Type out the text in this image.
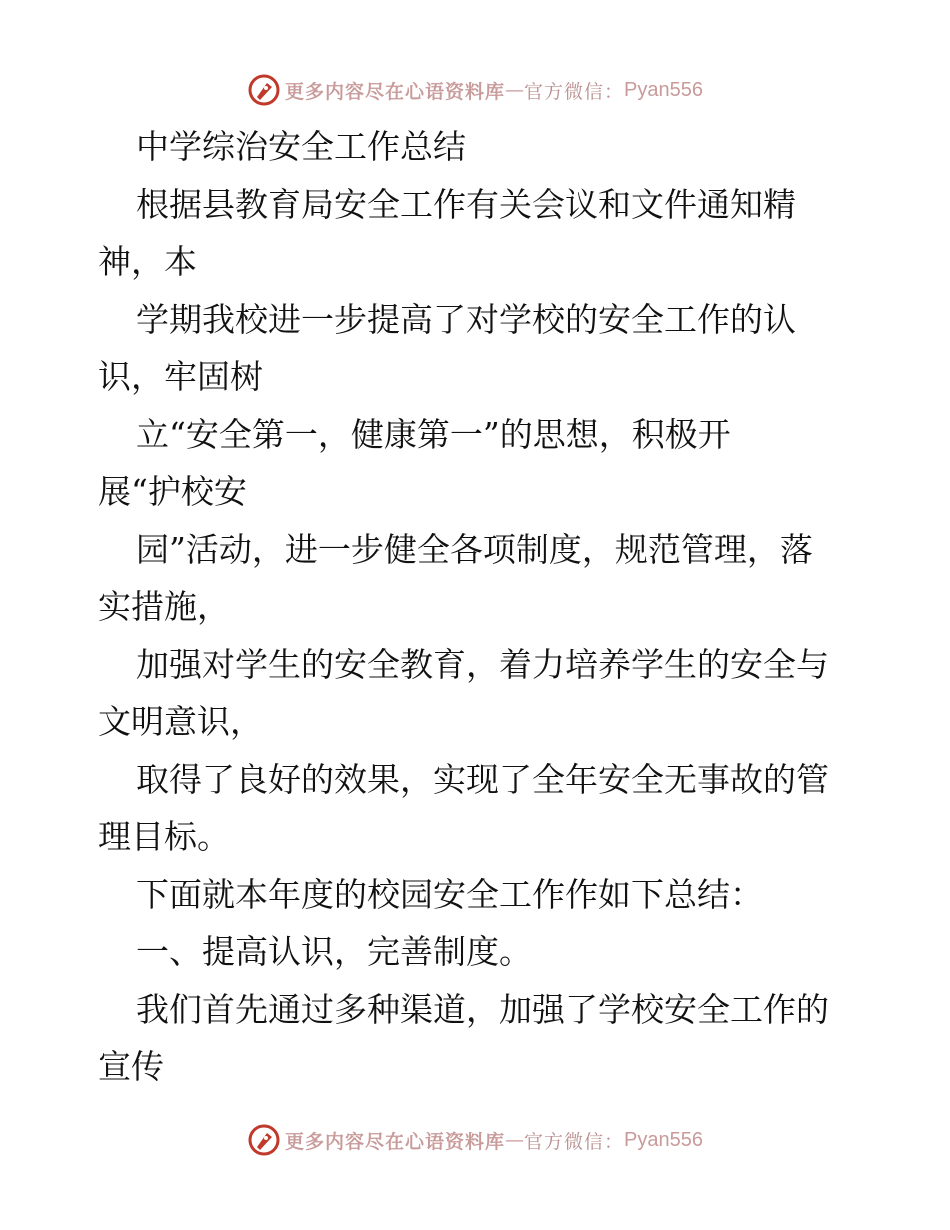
更多内容尽在心语资料库 — 官方微信： Pyan556
中学综治安全工作总结
根据县教育局安全工作有关会议和文件通知精
神，本
学期我校进一步提高了对学校的安全工作的认
识，牢固树
立“安全第一，健康第一”的思想，积极开
展“护校安
园”活动，进一步健全各项制度，规范管理，落
实措施，
加强对学生的安全教育，着力培养学生的安全与
文明意识，
取得了良好的效果，实现了全年安全无事故的管
理目标。
下面就本年度的校园安全工作作如下总结：
一、提高认识，完善制度。
我们首先通过多种渠道，加强了学校安全工作的
宣传
更多内容尽在心语资料库 — 官方微信： Pyan556
